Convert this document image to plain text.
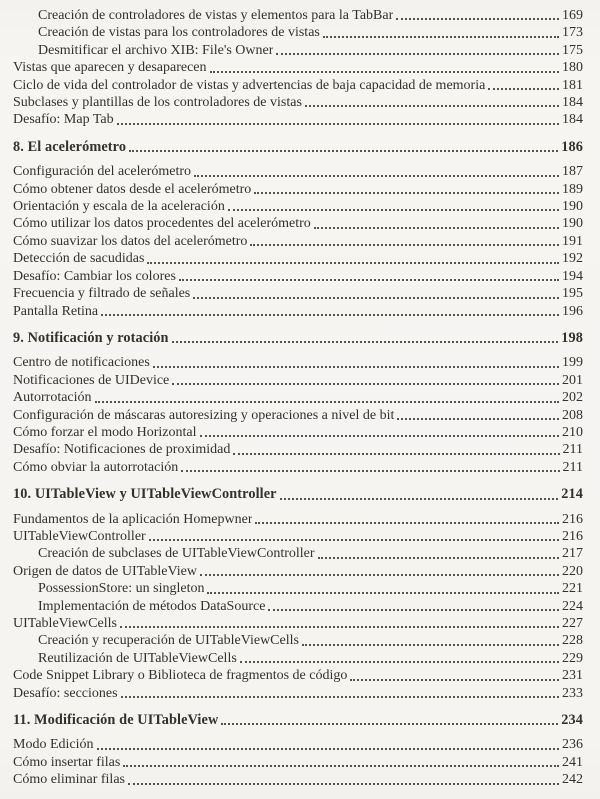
Creación de controladores de vistas y elementos para la TabBar	169
Creación de vistas para los controladores de vistas	173
Desmitificar el archivo XIB: File's Owner	175
Vistas que aparecen y desaparecen	180
Ciclo de vida del controlador de vistas y advertencias de baja capacidad de memoria	181
Subclases y plantillas de los controladores de vistas	184
Desafío: Map Tab	184
8. El acelerómetro	186
Configuración del acelerómetro	187
Cómo obtener datos desde el acelerómetro	189
Orientación y escala de la aceleración	190
Cómo utilizar los datos procedentes del acelerómetro	190
Cómo suavizar los datos del acelerómetro	191
Detección de sacudidas	192
Desafío: Cambiar los colores	194
Frecuencia y filtrado de señales	195
Pantalla Retina	196
9. Notificación y rotación	198
Centro de notificaciones	199
Notificaciones de UIDevice	201
Autorrotación	202
Configuración de máscaras autoresizing y operaciones a nivel de bit	208
Cómo forzar el modo Horizontal	210
Desafío: Notificaciones de proximidad	211
Cómo obviar la autorrotación	211
10. UITableView y UITableViewController	214
Fundamentos de la aplicación Homepwner	216
UITableViewController	216
Creación de subclases de UITableViewController	217
Origen de datos de UITableView	220
PossessionStore: un singleton	221
Implementación de métodos DataSource	224
UITableViewCells	227
Creación y recuperación de UITableViewCells	228
Reutilización de UITableViewCells	229
Code Snippet Library o Biblioteca de fragmentos de código	231
Desafío: secciones	233
11. Modificación de UITableView	234
Modo Edición	236
Cómo insertar filas	241
Cómo eliminar filas	242
